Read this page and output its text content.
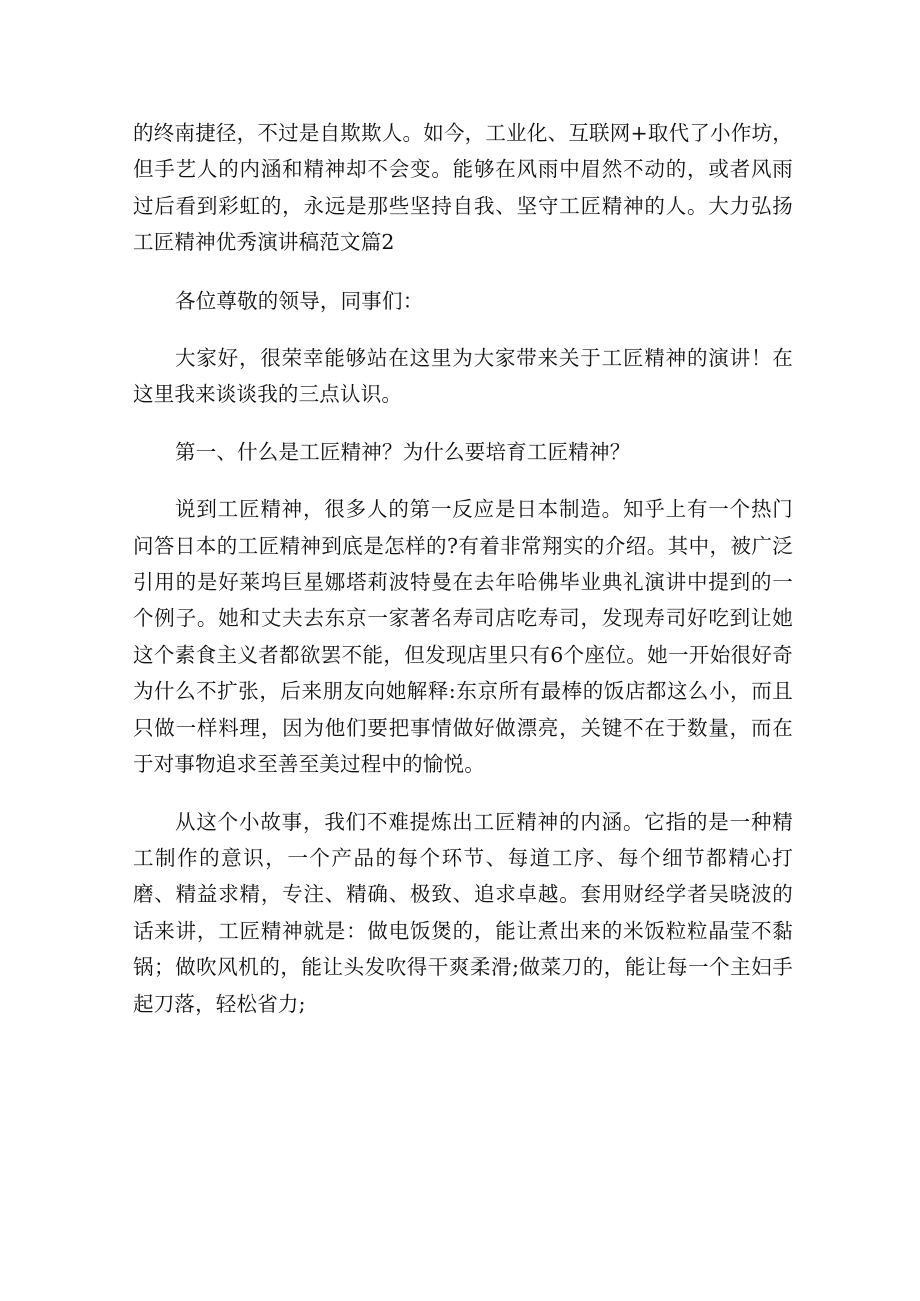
的终南捷径，不过是自欺欺人。如今，工业化、互联网+取代了小作坊，但手艺人的内涵和精神却不会变。能够在风雨中眉然不动的，或者风雨过后看到彩虹的，永远是那些坚持自我、坚守工匠精神的人。大力弘扬工匠精神优秀演讲稿范文篇2

各位尊敬的领导，同事们：

大家好，很荣幸能够站在这里为大家带来关于工匠精神的演讲！在这里我来谈谈我的三点认识。

第一、什么是工匠精神？为什么要培育工匠精神？

说到工匠精神，很多人的第一反应是日本制造。知乎上有一个热门问答日本的工匠精神到底是怎样的?有着非常翔实的介绍。其中，被广泛引用的是好莱坞巨星娜塔莉波特曼在去年哈佛毕业典礼演讲中提到的一个例子。她和丈夫去东京一家著名寿司店吃寿司，发现寿司好吃到让她这个素食主义者都欲罢不能，但发现店里只有6个座位。她一开始很好奇为什么不扩张，后来朋友向她解释:东京所有最棒的饭店都这么小，而且只做一样料理，因为他们要把事情做好做漂亮，关键不在于数量，而在于对事物追求至善至美过程中的愉悦。

从这个小故事，我们不难提炼出工匠精神的内涵。它指的是一种精工制作的意识，一个产品的每个环节、每道工序、每个细节都精心打磨、精益求精，专注、精确、极致、追求卓越。套用财经学者吴晓波的话来讲，工匠精神就是：做电饭煲的，能让煮出来的米饭粒粒晶莹不黏锅；做吹风机的，能让头发吹得干爽柔滑;做菜刀的，能让每一个主妇手起刀落，轻松省力;
